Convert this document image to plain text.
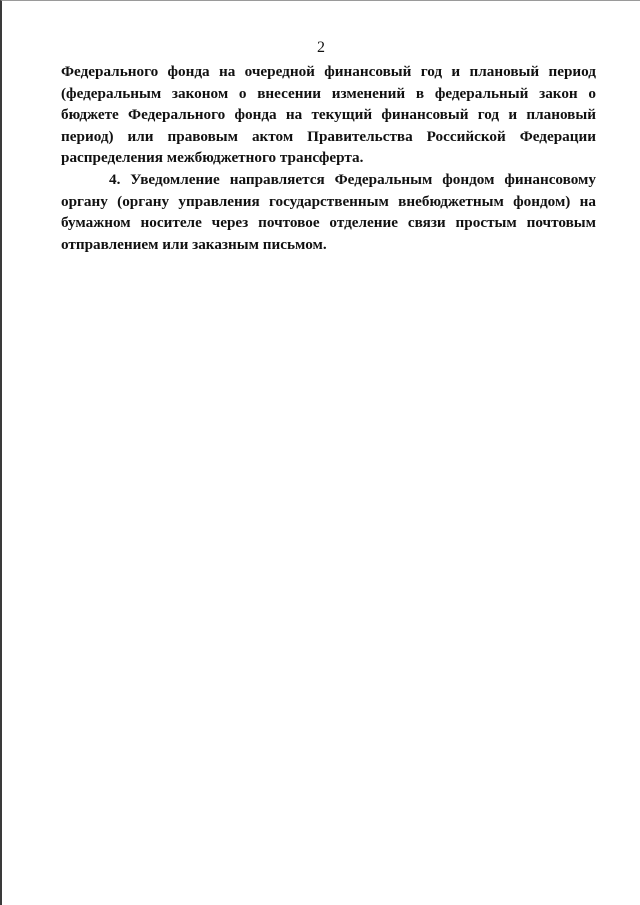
2

Федерального фонда на очередной финансовый год и плановый период (федеральным законом о внесении изменений в федеральный закон о бюджете Федерального фонда на текущий финансовый год и плановый период) или правовым актом Правительства Российской Федерации распределения межбюджетного трансферта.

4. Уведомление направляется Федеральным фондом финансовому органу (органу управления государственным внебюджетным фондом) на бумажном носителе через почтовое отделение связи простым почтовым отправлением или заказным письмом.
